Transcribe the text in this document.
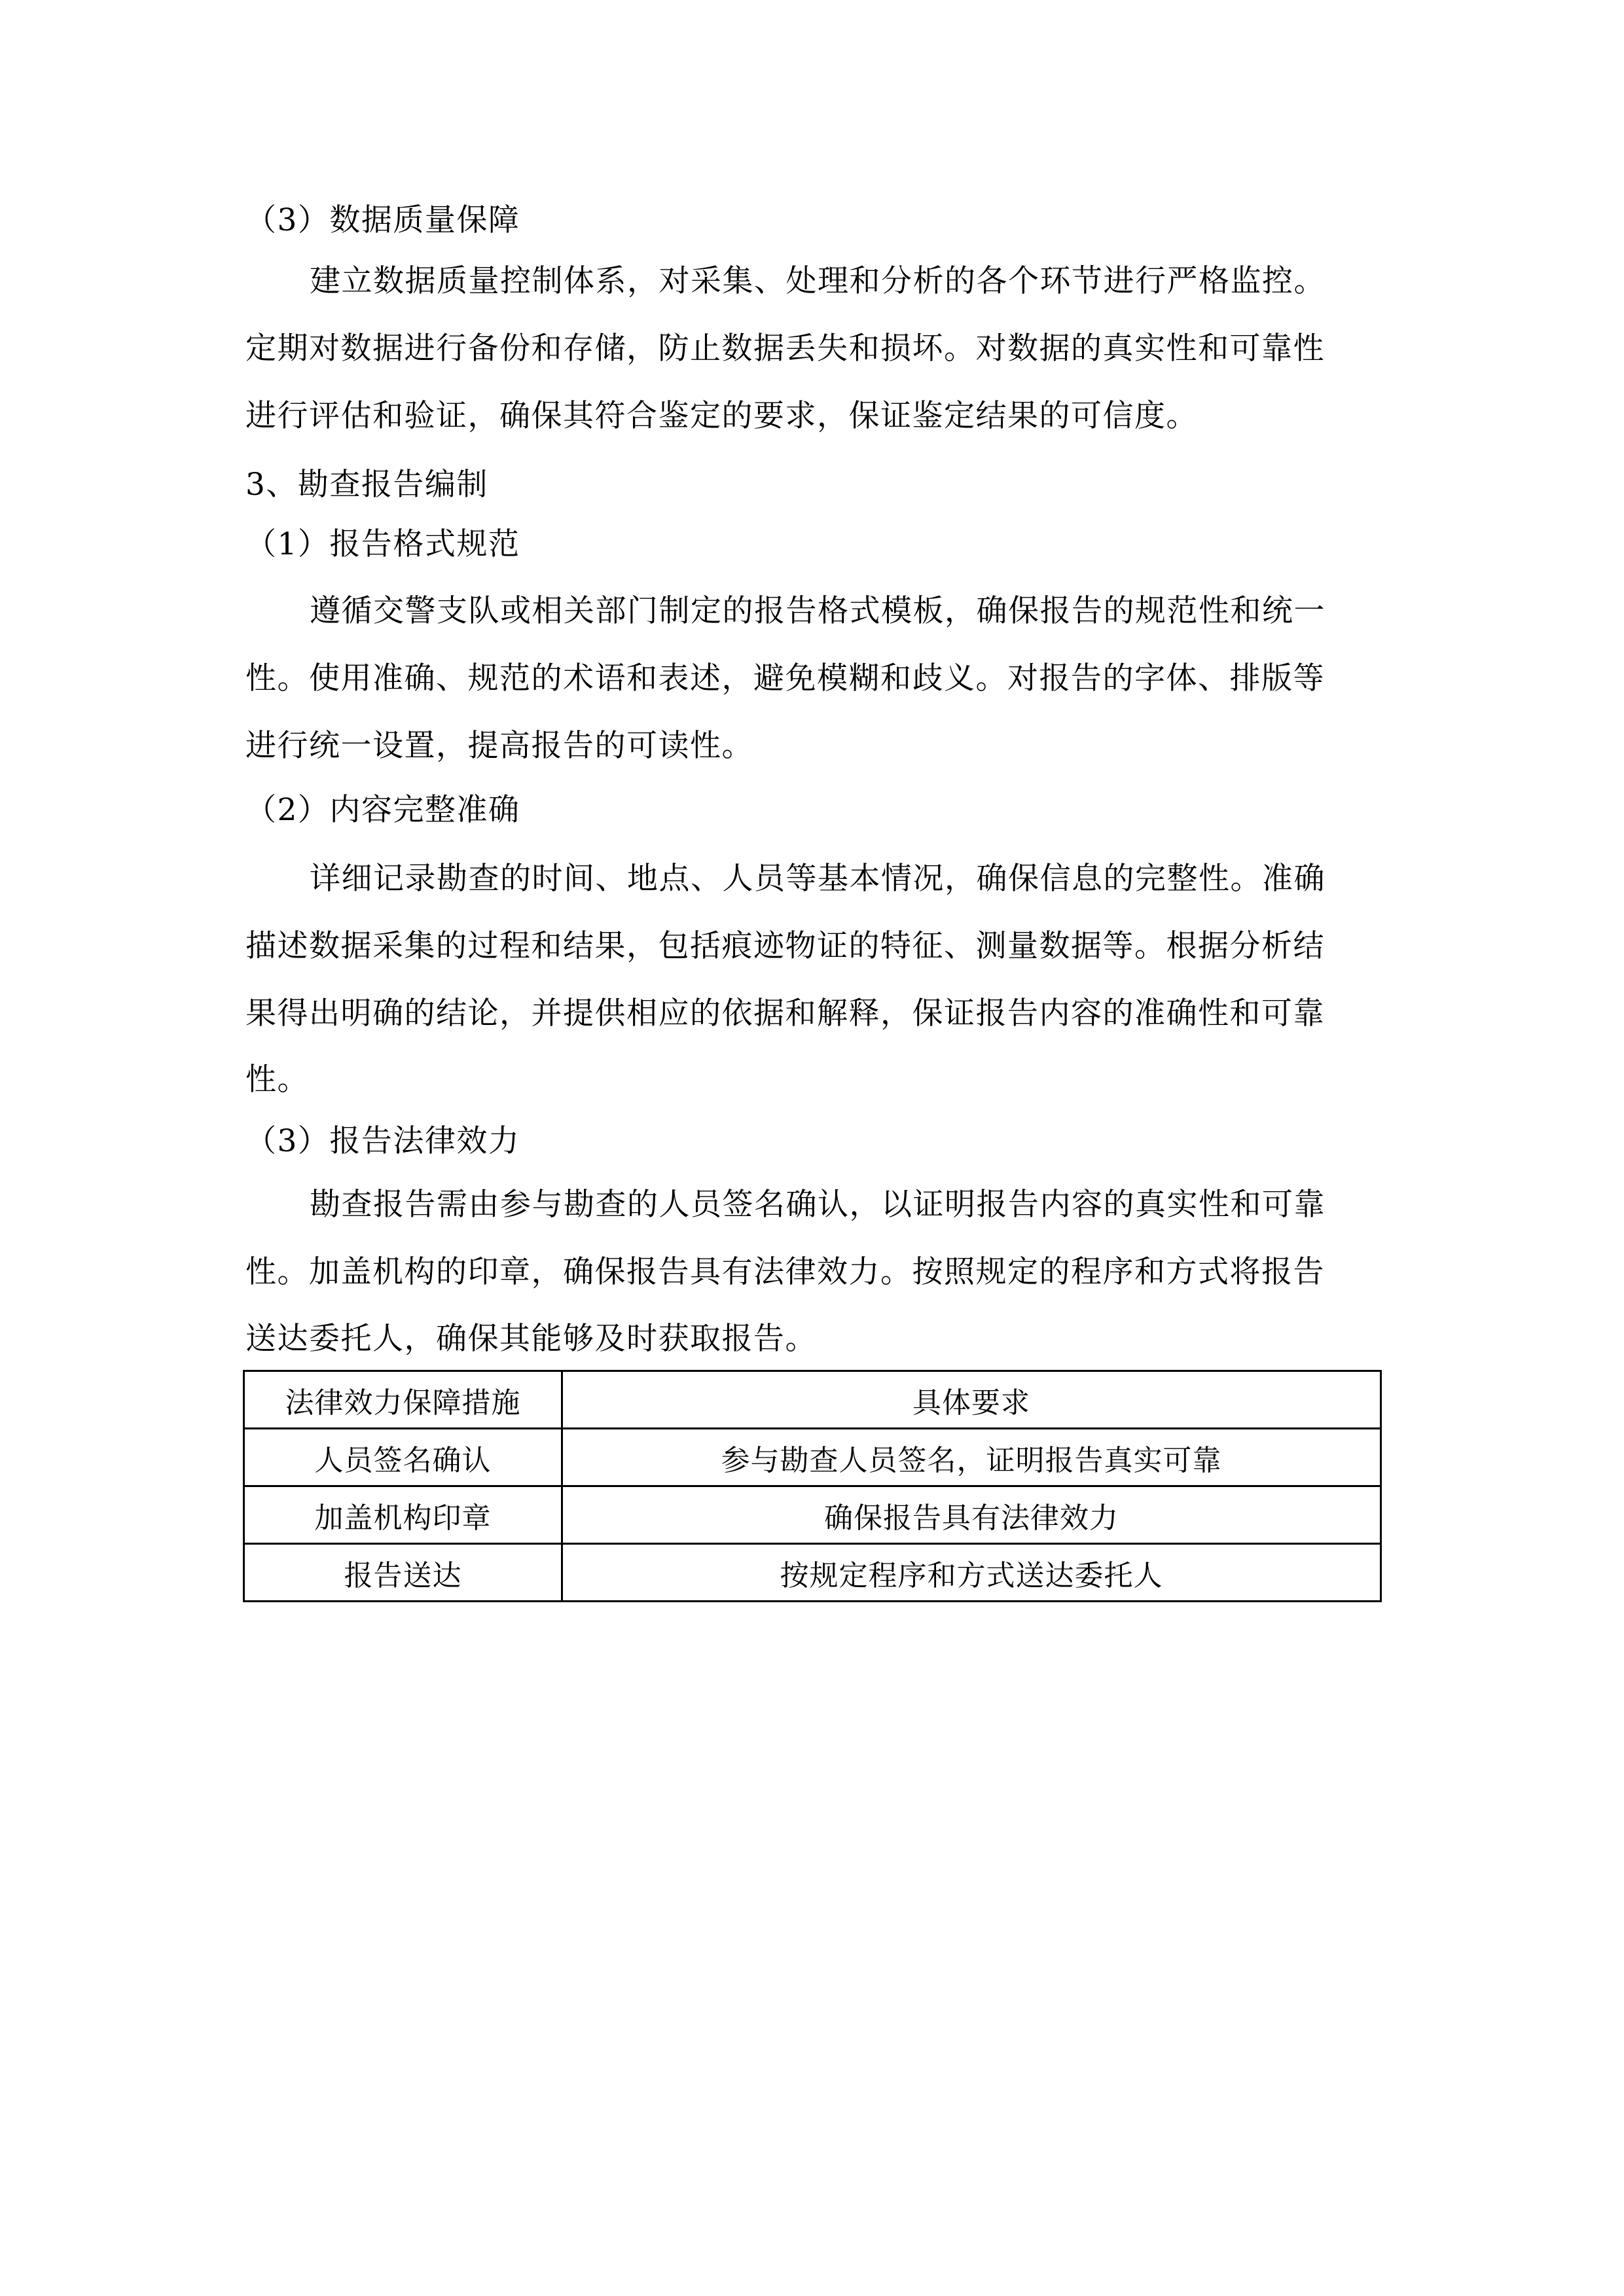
（3）数据质量保障
建立数据质量控制体系，对采集、处理和分析的各个环节进行严格监控。
定期对数据进行备份和存储，防止数据丢失和损坏。对数据的真实性和可靠性
进行评估和验证，确保其符合鉴定的要求，保证鉴定结果的可信度。
3、勘查报告编制
（1）报告格式规范
遵循交警支队或相关部门制定的报告格式模板，确保报告的规范性和统一
性。使用准确、规范的术语和表述，避免模糊和歧义。对报告的字体、排版等
进行统一设置，提高报告的可读性。
（2）内容完整准确
详细记录勘查的时间、地点、人员等基本情况，确保信息的完整性。准确
描述数据采集的过程和结果，包括痕迹物证的特征、测量数据等。根据分析结
果得出明确的结论，并提供相应的依据和解释，保证报告内容的准确性和可靠
性。
（3）报告法律效力
勘查报告需由参与勘查的人员签名确认，以证明报告内容的真实性和可靠
性。加盖机构的印章，确保报告具有法律效力。按照规定的程序和方式将报告
送达委托人，确保其能够及时获取报告。
法律效力保障措施	具体要求
人员签名确认	参与勘查人员签名，证明报告真实可靠
加盖机构印章	确保报告具有法律效力
报告送达	按规定程序和方式送达委托人
